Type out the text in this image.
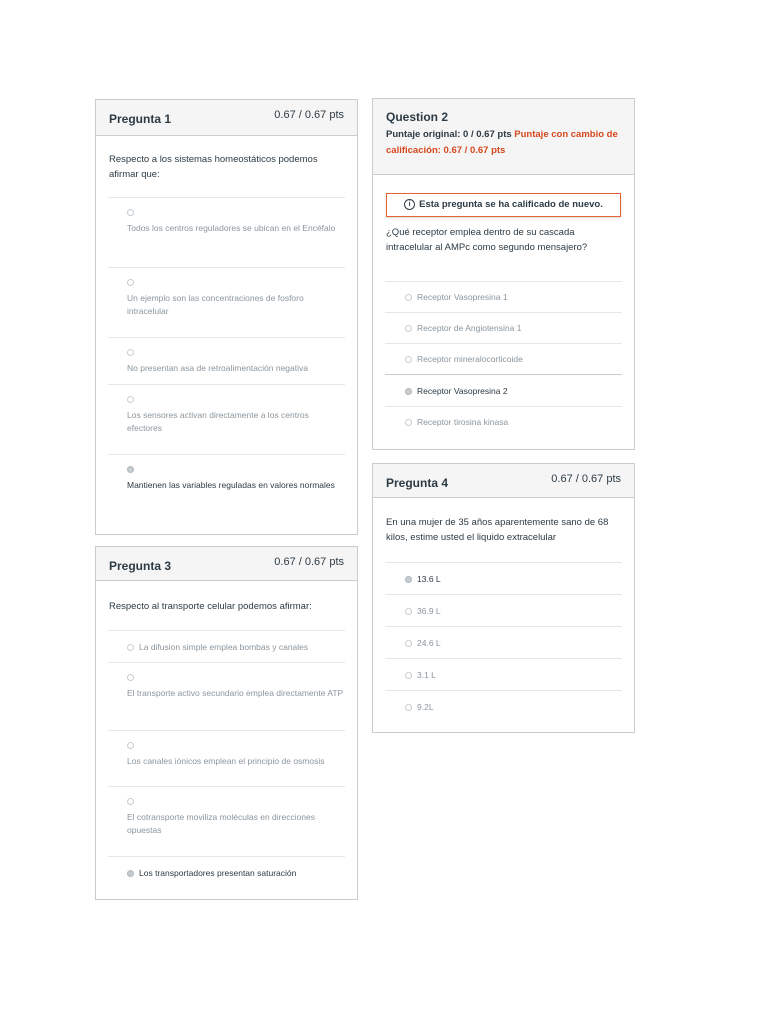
Pregunta 1	0.67 / 0.67 pts
Respecto a los sistemas homeostáticos podemos afirmar que:
Todos los centros reguladores se ubican en el Encéfalo
Un ejemplo son las concentraciones de fosforo intracelular
No presentan asa de retroalimentación negativa
Los sensores activan directamente a los centros efectores
Mantienen las variables reguladas en valores normales
Question 2
Puntaje original: 0 / 0.67 pts Puntaje con cambio de calificación: 0.67 / 0.67 pts
i Esta pregunta se ha calificado de nuevo.
¿Qué receptor emplea dentro de su cascada intracelular al AMPc como segundo mensajero?
Receptor Vasopresina 1
Receptor de Angiotensina 1
Receptor mineralocorticoide
Receptor Vasopresina 2
Receptor tirosina kinasa
Pregunta 3	0.67 / 0.67 pts
Respecto al transporte celular podemos afirmar:
La difusion simple emplea bombas y canales
El transporte activo secundario emplea directamente ATP
Los canales iónicos emplean el principio de osmosis
El cotransporte moviliza moléculas en direcciones opuestas
Los transportadores presentan saturación
Pregunta 4	0.67 / 0.67 pts
En una mujer de 35 años aparentemente sano de 68 kilos, estime usted el liquido extracelular
13.6 L
36.9 L
24.6 L
3.1 L
9.2L
